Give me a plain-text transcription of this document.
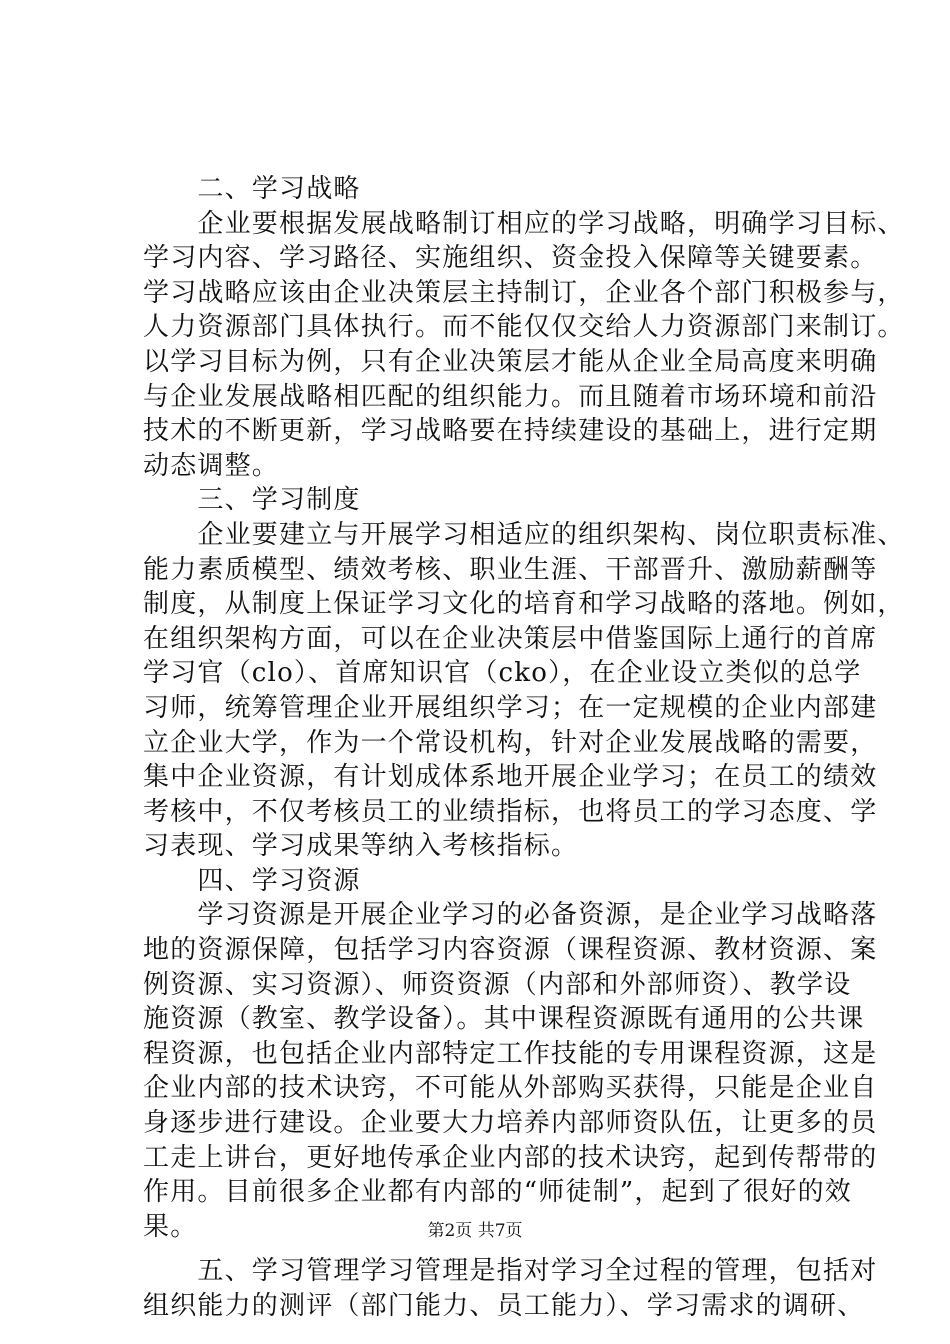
　　二、学习战略
　　企业要根据发展战略制订相应的学习战略，明确学习目标、
学习内容、学习路径、实施组织、资金投入保障等关键要素。
学习战略应该由企业决策层主持制订，企业各个部门积极参与，
人力资源部门具体执行。而不能仅仅交给人力资源部门来制订。
以学习目标为例，只有企业决策层才能从企业全局高度来明确
与企业发展战略相匹配的组织能力。而且随着市场环境和前沿
技术的不断更新，学习战略要在持续建设的基础上，进行定期
动态调整。
　　三、学习制度
　　企业要建立与开展学习相适应的组织架构、岗位职责标准、
能力素质模型、绩效考核、职业生涯、干部晋升、激励薪酬等
制度，从制度上保证学习文化的培育和学习战略的落地。例如，
在组织架构方面，可以在企业决策层中借鉴国际上通行的首席
学习官（clo）、首席知识官（cko），在企业设立类似的总学
习师，统筹管理企业开展组织学习；在一定规模的企业内部建
立企业大学，作为一个常设机构，针对企业发展战略的需要，
集中企业资源，有计划成体系地开展企业学习；在员工的绩效
考核中，不仅考核员工的业绩指标，也将员工的学习态度、学
习表现、学习成果等纳入考核指标。
　　四、学习资源
　　学习资源是开展企业学习的必备资源，是企业学习战略落
地的资源保障，包括学习内容资源（课程资源、教材资源、案
例资源、实习资源）、师资资源（内部和外部师资）、教学设
施资源（教室、教学设备）。其中课程资源既有通用的公共课
程资源，也包括企业内部特定工作技能的专用课程资源，这是
企业内部的技术诀窍，不可能从外部购买获得，只能是企业自
身逐步进行建设。企业要大力培养内部师资队伍，让更多的员
工走上讲台，更好地传承企业内部的技术诀窍，起到传帮带的
作用。目前很多企业都有内部的“师徒制”，起到了很好的效
果。
　　五、学习管理学习管理是指对学习全过程的管理，包括对
组织能力的测评（部门能力、员工能力）、学习需求的调研、
第2页 共7页
